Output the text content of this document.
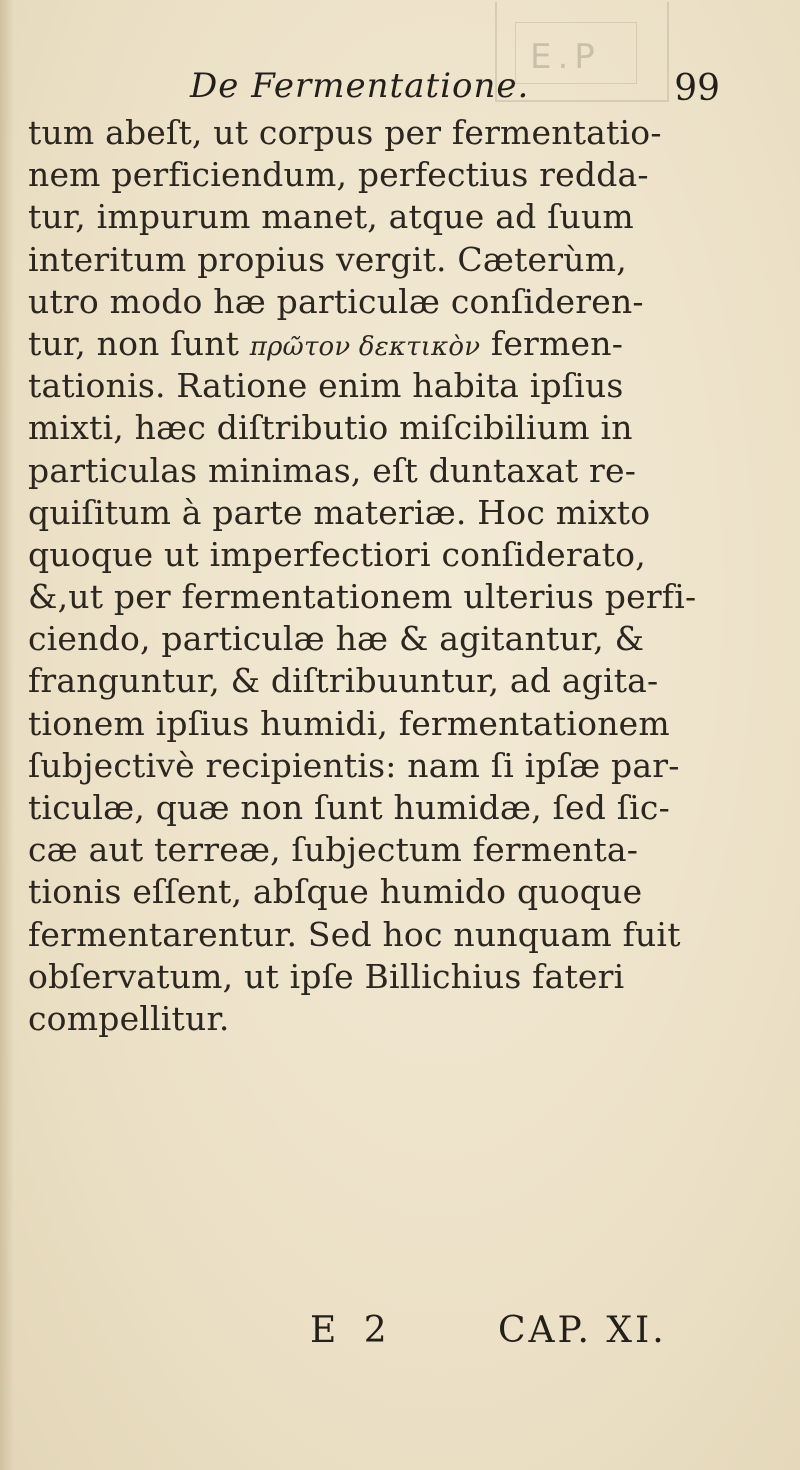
E.P
De Fermentatione.	99
tum abeſt, ut corpus per fermentatio-
nem perficiendum, perfectius redda-
tur, impurum manet, atque ad ſuum
interitum propius vergit. Cæterùm,
utro modo hæ particulæ conſideren-
tur, non ſunt πρῶτον δεκτικὸν fermen-
tationis. Ratione enim habita ipſius
mixti, hæc diſtributio miſcibilium in
particulas minimas, eſt duntaxat re-
quiſitum à parte materiæ. Hoc mixto
quoque ut imperfectiori conſiderato,
&,ut per fermentationem ulterius perfi-
ciendo, particulæ hæ & agitantur, &
franguntur, & diſtribuuntur, ad agita-
tionem ipſius humidi, fermentationem
ſubjectivè recipientis: nam ſi ipſæ par-
ticulæ, quæ non ſunt humidæ, ſed ſic-
cæ aut terreæ, ſubjectum fermenta-
tionis eſſent, abſque humido quoque
fermentarentur. Sed hoc nunquam fuit
obſervatum, ut ipſe Billichius fateri
compellitur.
E 2	CAP. XI.
